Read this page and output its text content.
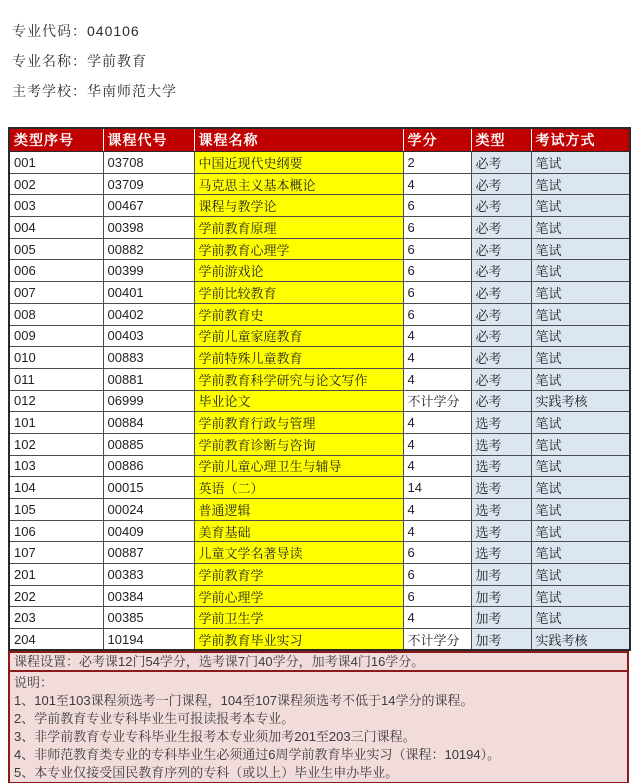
专业代码：040106
专业名称：学前教育
主考学校：华南师范大学
类型序号	课程代号	课程名称	学分	类型	考试方式
001	03708	中国近现代史纲要	2	必考	笔试
002	03709	马克思主义基本概论	4	必考	笔试
003	00467	课程与教学论	6	必考	笔试
004	00398	学前教育原理	6	必考	笔试
005	00882	学前教育心理学	6	必考	笔试
006	00399	学前游戏论	6	必考	笔试
007	00401	学前比较教育	6	必考	笔试
008	00402	学前教育史	6	必考	笔试
009	00403	学前儿童家庭教育	4	必考	笔试
010	00883	学前特殊儿童教育	4	必考	笔试
011	00881	学前教育科学研究与论文写作	4	必考	笔试
012	06999	毕业论文	不计学分	必考	实践考核
101	00884	学前教育行政与管理	4	选考	笔试
102	00885	学前教育诊断与咨询	4	选考	笔试
103	00886	学前儿童心理卫生与辅导	4	选考	笔试
104	00015	英语（二）	14	选考	笔试
105	00024	普通逻辑	4	选考	笔试
106	00409	美育基础	4	选考	笔试
107	00887	儿童文学名著导读	6	选考	笔试
201	00383	学前教育学	6	加考	笔试
202	00384	学前心理学	6	加考	笔试
203	00385	学前卫生学	4	加考	笔试
204	10194	学前教育毕业实习	不计学分	加考	实践考核
课程设置：必考课12门54学分，选考课7门40学分，加考课4门16学分。
说明：
1、101至103课程须选考一门课程，104至107课程须选考不低于14学分的课程。
2、学前教育专业专科毕业生可报读报考本专业。
3、非学前教育专业专科毕业生报考本专业须加考201至203三门课程。
4、非师范教育类专业的专科毕业生必须通过6周学前教育毕业实习（课程：10194）。
5、本专业仅接受国民教育序列的专科（或以上）毕业生申办毕业。
